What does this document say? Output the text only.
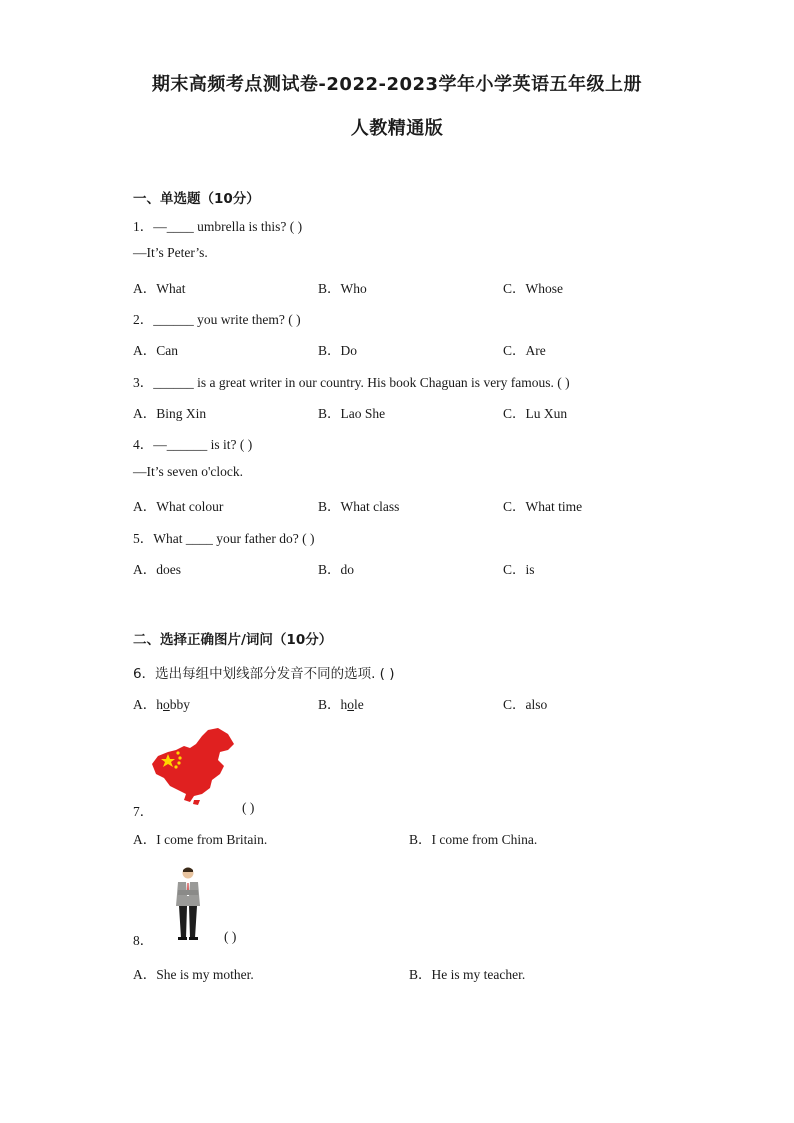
期末高频考点测试卷-2022-2023学年小学英语五年级上册
人教精通版
一、单选题（10分）
1．—____ umbrella is this? ( )
—It’s Peter’s.
A．What	B．Who	C．Whose
2．______ you write them? ( )
A．Can	B．Do	C．Are
3．______ is a great writer in our country. His book Chaguan is very famous. ( )
A．Bing Xin	B．Lao She	C．Lu Xun
4．—______ is it? ( )
—It’s seven o'clock.
A．What colour	B．What class	C．What time
5．What ____ your father do? ( )
A．does	B．do	C．is
二、选择正确图片/词问（10分）
6．选出每组中划线部分发音不同的选项. ( )
A．hobby	B．hole	C．also
7．	( )
A．I come from Britain.	B．I come from China.
8．	( )
A．She is my mother.	B．He is my teacher.
